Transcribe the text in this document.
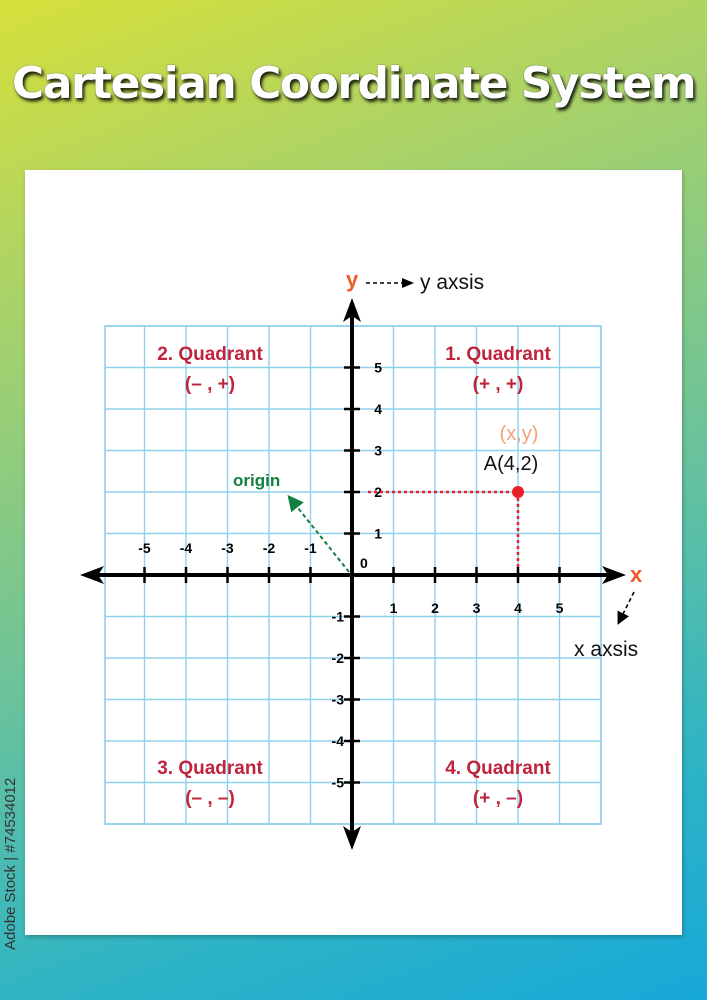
Cartesian Coordinate System
Adobe Stock | #74534012
-5 -4 -3 -2 -1
1 2 3 4 5
5
4
3
2
1
-1
-2
-3
-4
-5
0
2. Quadrant
(– , +)
1. Quadrant
(+ , +)
3. Quadrant
(– , –)
4. Quadrant
(+ , –)
(x,y)
A(4,2)
origin
y	y axsis
x
x axsis
